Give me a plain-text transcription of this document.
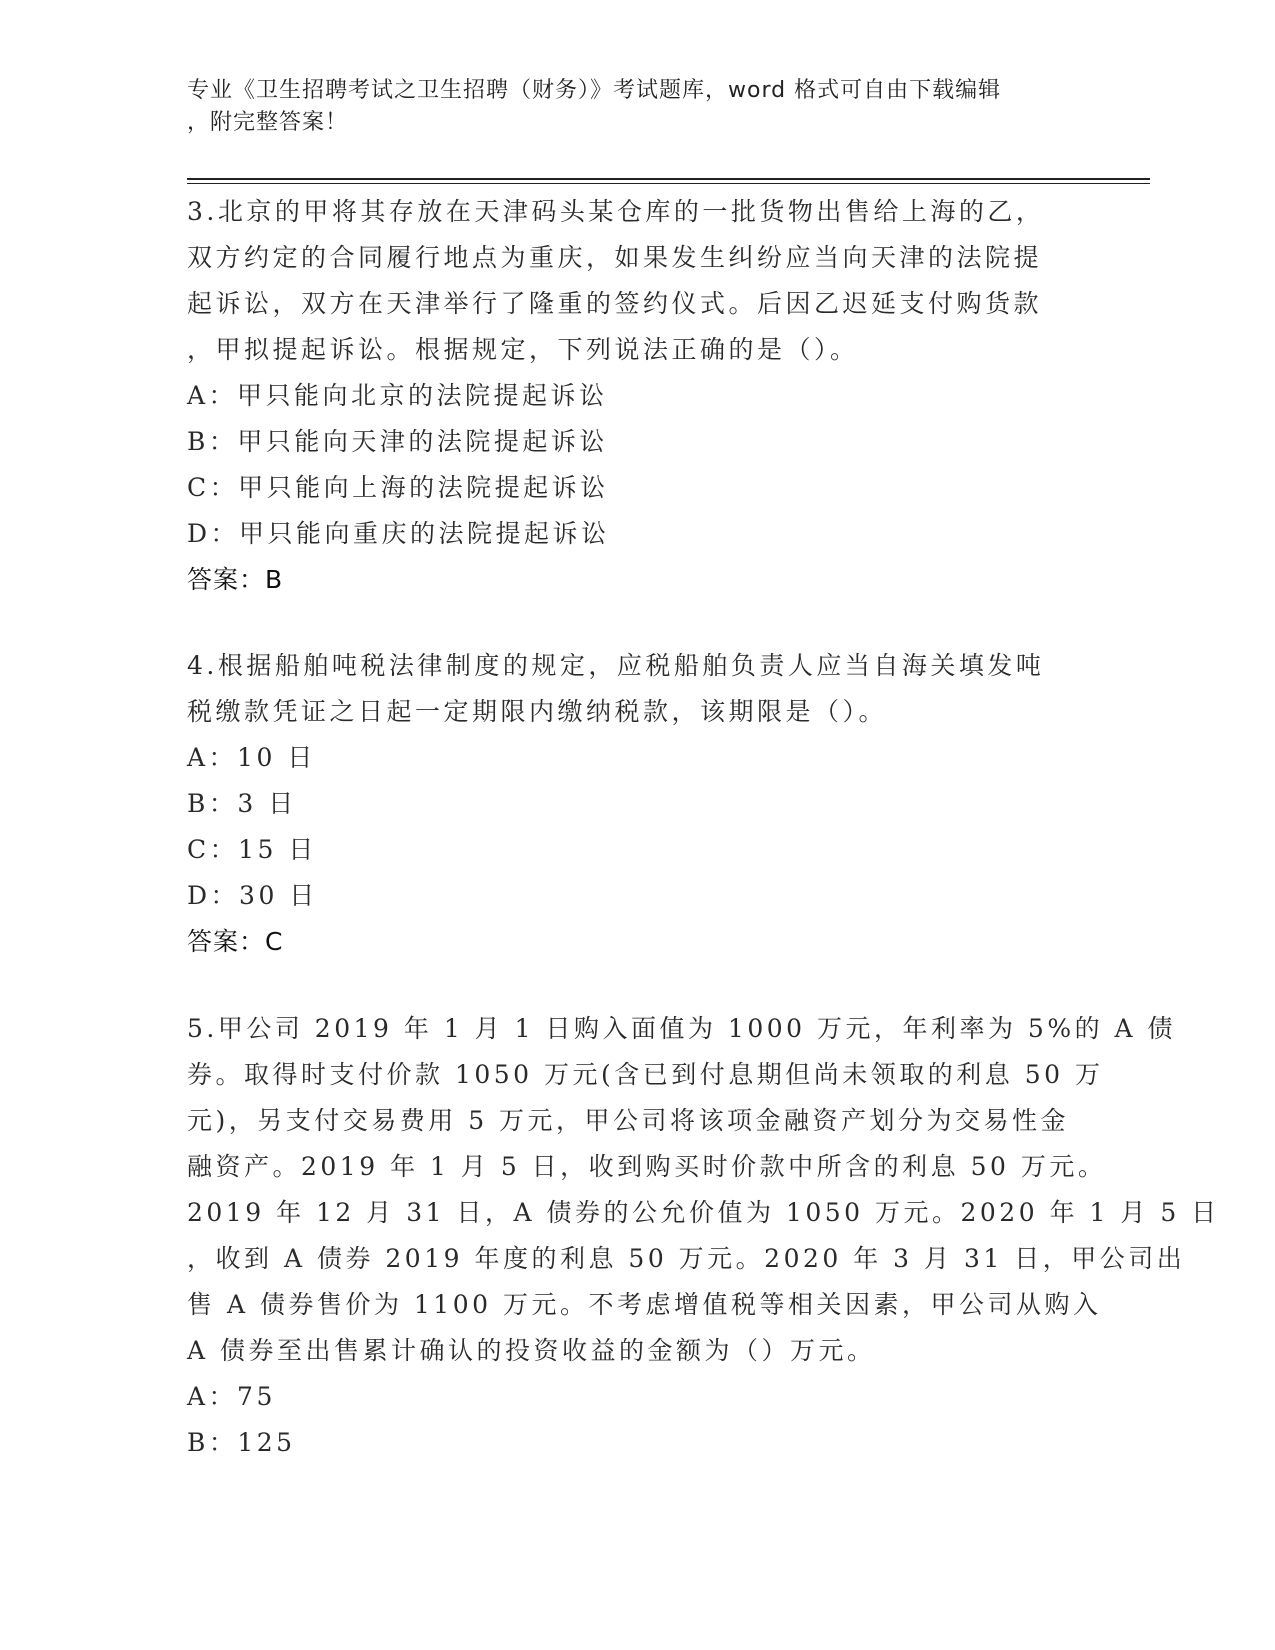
专业《卫生招聘考试之卫生招聘（财务）》考试题库，word 格式可自由下载编辑
，附完整答案！
3.北京的甲将其存放在天津码头某仓库的一批货物出售给上海的乙，
双方约定的合同履行地点为重庆，如果发生纠纷应当向天津的法院提
起诉讼，双方在天津举行了隆重的签约仪式。后因乙迟延支付购货款
，甲拟提起诉讼。根据规定，下列说法正确的是（）。
A：甲只能向北京的法院提起诉讼
B：甲只能向天津的法院提起诉讼
C：甲只能向上海的法院提起诉讼
D：甲只能向重庆的法院提起诉讼
答案：B
4.根据船舶吨税法律制度的规定，应税船舶负责人应当自海关填发吨
税缴款凭证之日起一定期限内缴纳税款，该期限是（）。
A：10 日
B：3 日
C：15 日
D：30 日
答案：C
5.甲公司 2019 年 1 月 1 日购入面值为 1000 万元，年利率为 5%的 A 债
券。取得时支付价款 1050 万元(含已到付息期但尚未领取的利息 50 万
元)，另支付交易费用 5 万元，甲公司将该项金融资产划分为交易性金
融资产。2019 年 1 月 5 日，收到购买时价款中所含的利息 50 万元。
2019 年 12 月 31 日，A 债券的公允价值为 1050 万元。2020 年 1 月 5 日
，收到 A 债券 2019 年度的利息 50 万元。2020 年 3 月 31 日，甲公司出
售 A 债券售价为 1100 万元。不考虑增值税等相关因素，甲公司从购入
A 债券至出售累计确认的投资收益的金额为（）万元。
A：75
B：125
